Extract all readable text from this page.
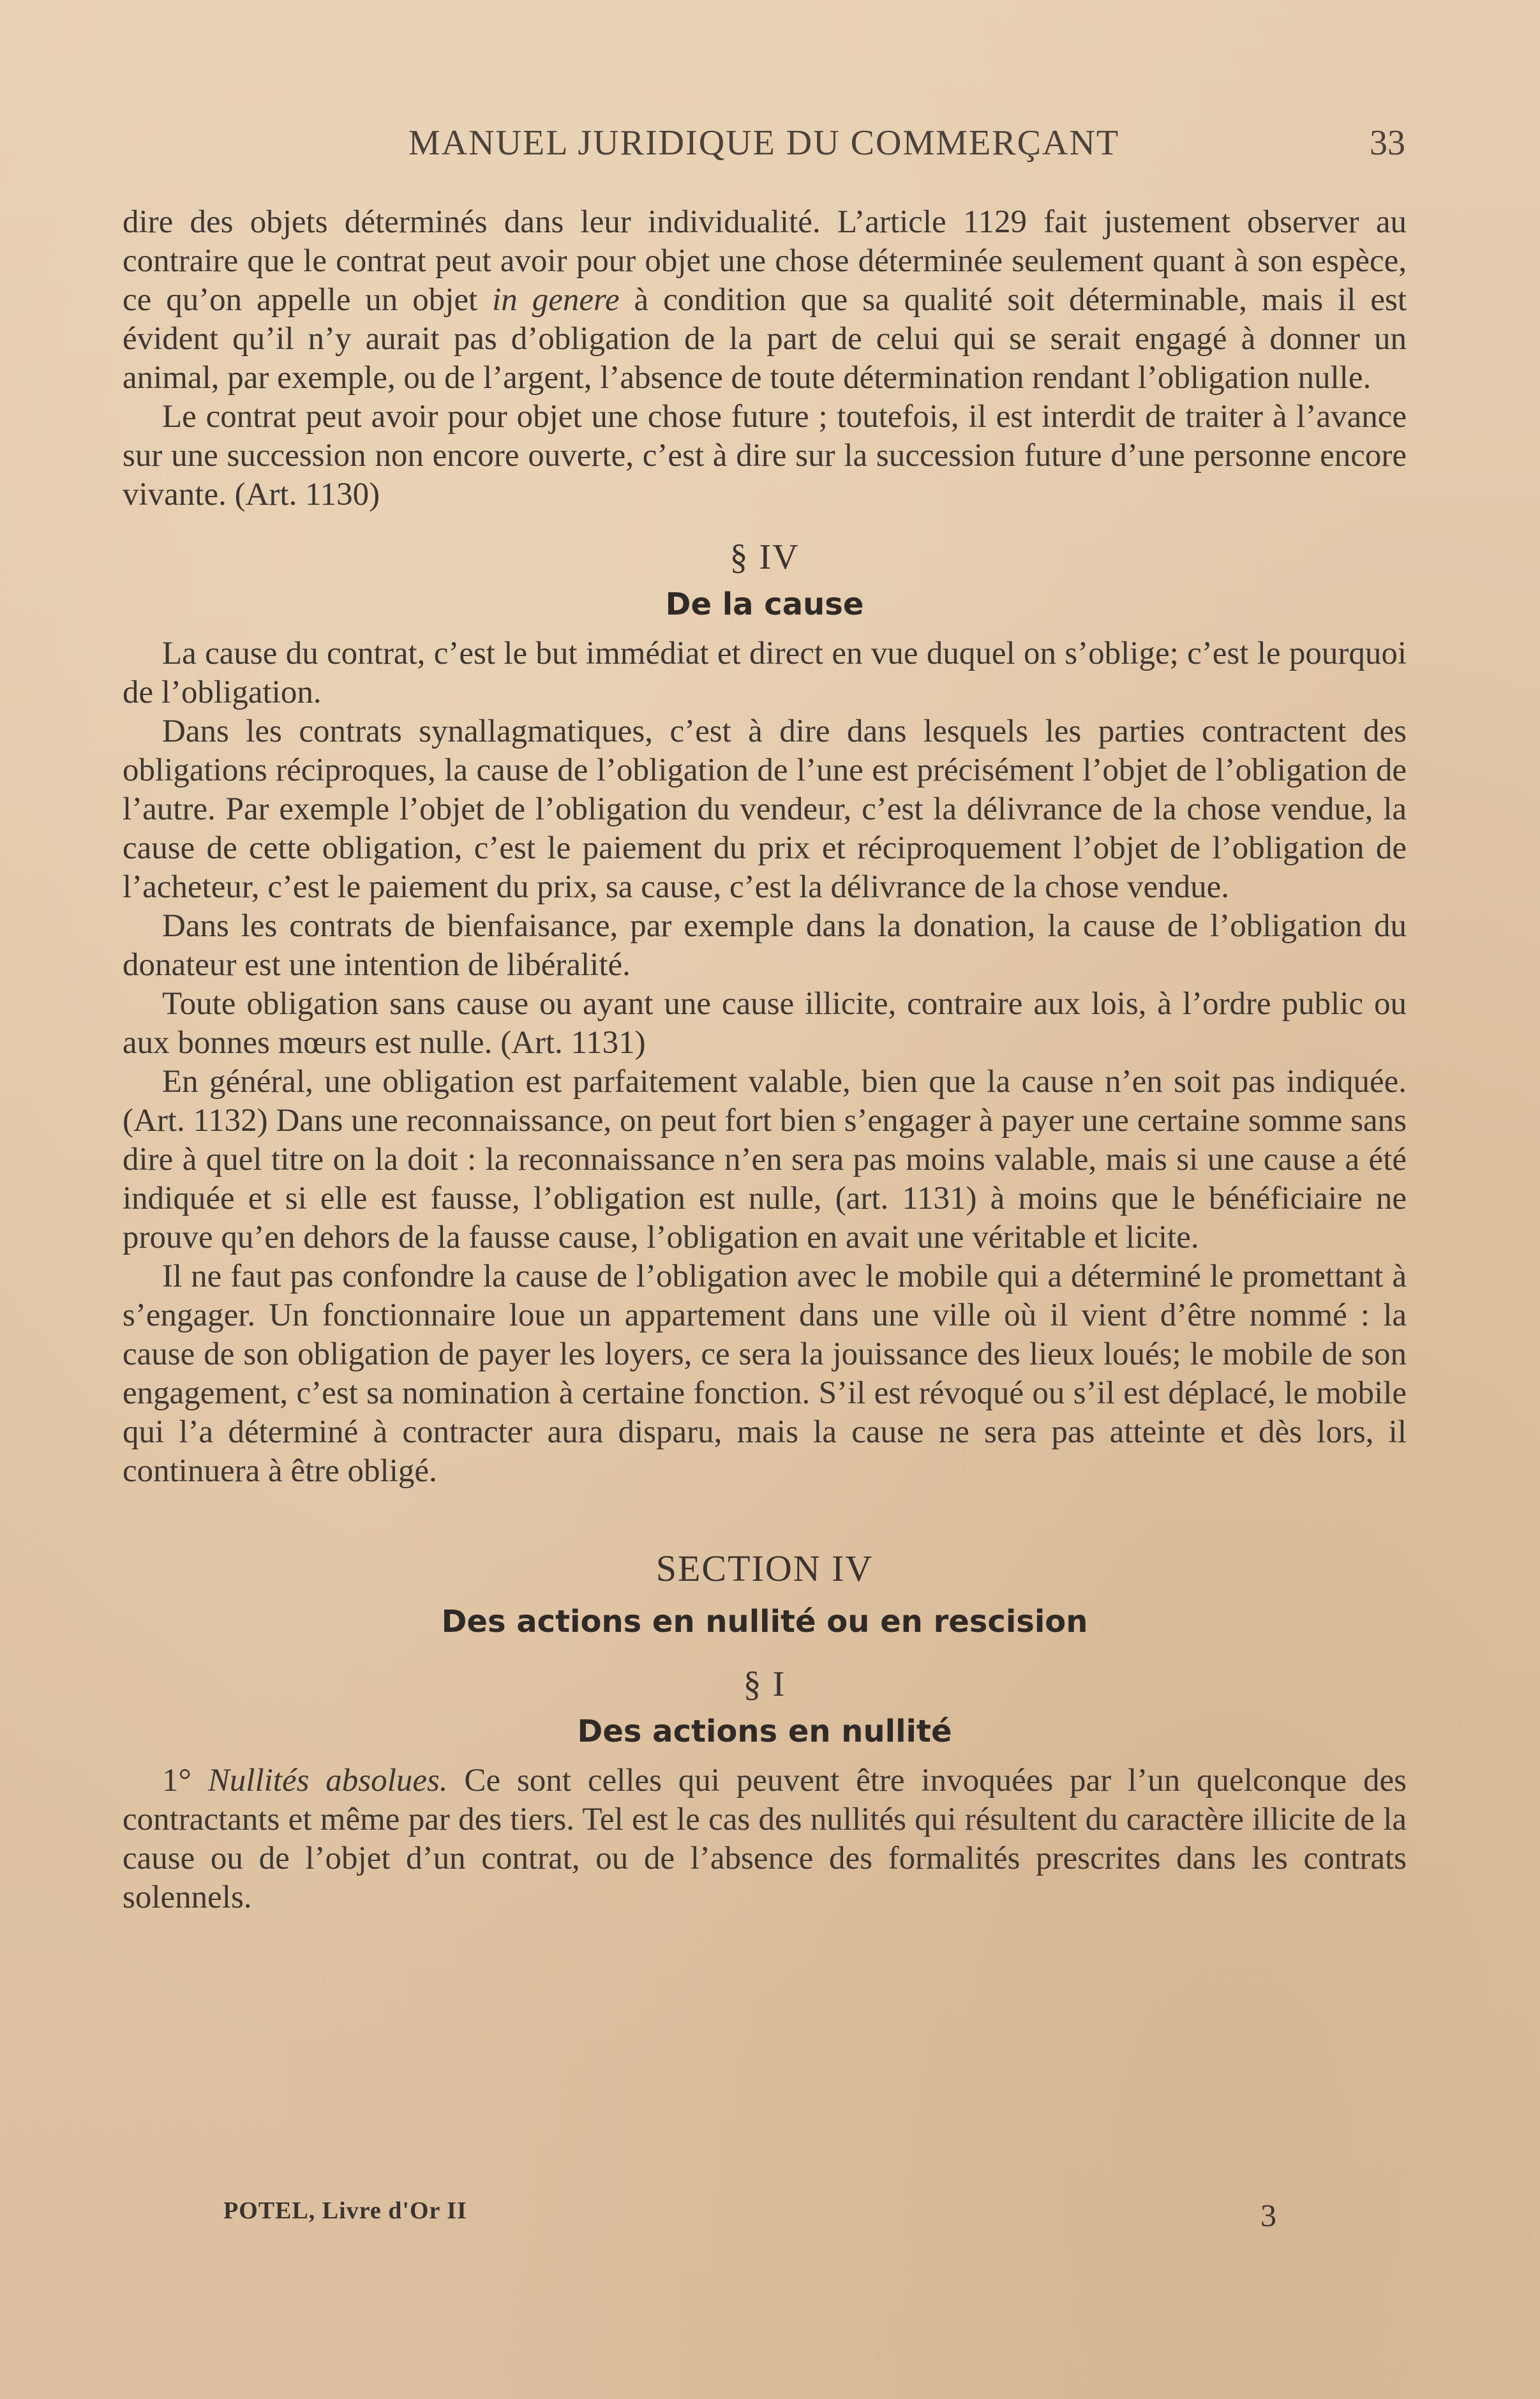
MANUEL JURIDIQUE DU COMMERÇANT	33

dire des objets déterminés dans leur individualité. L’article 1129 fait justement observer au contraire que le contrat peut avoir pour objet une chose déterminée seulement quant à son espèce, ce qu’on appelle un objet in genere à condition que sa qualité soit déterminable, mais il est évident qu’il n’y aurait pas d’obligation de la part de celui qui se serait engagé à donner un animal, par exemple, ou de l’argent, l’absence de toute détermination rendant l’obligation nulle.

Le contrat peut avoir pour objet une chose future ; toutefois, il est interdit de traiter à l’avance sur une succession non encore ouverte, c’est à dire sur la succession future d’une personne encore vivante. (Art. 1130)

§ IV
De la cause

La cause du contrat, c’est le but immédiat et direct en vue duquel on s’oblige; c’est le pourquoi de l’obligation.

Dans les contrats synallagmatiques, c’est à dire dans lesquels les parties contractent des obligations réciproques, la cause de l’obligation de l’une est précisément l’objet de l’obligation de l’autre. Par exemple l’objet de l’obligation du vendeur, c’est la délivrance de la chose vendue, la cause de cette obligation, c’est le paiement du prix et réciproquement l’objet de l’obligation de l’acheteur, c’est le paiement du prix, sa cause, c’est la délivrance de la chose vendue.

Dans les contrats de bienfaisance, par exemple dans la donation, la cause de l’obligation du donateur est une intention de libéralité.

Toute obligation sans cause ou ayant une cause illicite, contraire aux lois, à l’ordre public ou aux bonnes mœurs est nulle. (Art. 1131)

En général, une obligation est parfaitement valable, bien que la cause n’en soit pas indiquée. (Art. 1132) Dans une reconnaissance, on peut fort bien s’engager à payer une certaine somme sans dire à quel titre on la doit : la reconnaissance n’en sera pas moins valable, mais si une cause a été indiquée et si elle est fausse, l’obligation est nulle, (art. 1131) à moins que le bénéficiaire ne prouve qu’en dehors de la fausse cause, l’obligation en avait une véritable et licite.

Il ne faut pas confondre la cause de l’obligation avec le mobile qui a déterminé le promettant à s’engager. Un fonctionnaire loue un appartement dans une ville où il vient d’être nommé : la cause de son obligation de payer les loyers, ce sera la jouissance des lieux loués; le mobile de son engagement, c’est sa nomination à certaine fonction. S’il est révoqué ou s’il est déplacé, le mobile qui l’a déterminé à contracter aura disparu, mais la cause ne sera pas atteinte et dès lors, il continuera à être obligé.

SECTION IV
Des actions en nullité ou en rescision
§ I
Des actions en nullité

1° Nullités absolues. Ce sont celles qui peuvent être invoquées par l’un quelconque des contractants et même par des tiers. Tel est le cas des nullités qui résultent du caractère illicite de la cause ou de l’objet d’un contrat, ou de l’absence des formalités prescrites dans les contrats solennels.

POTEL, Livre d'Or II	3
